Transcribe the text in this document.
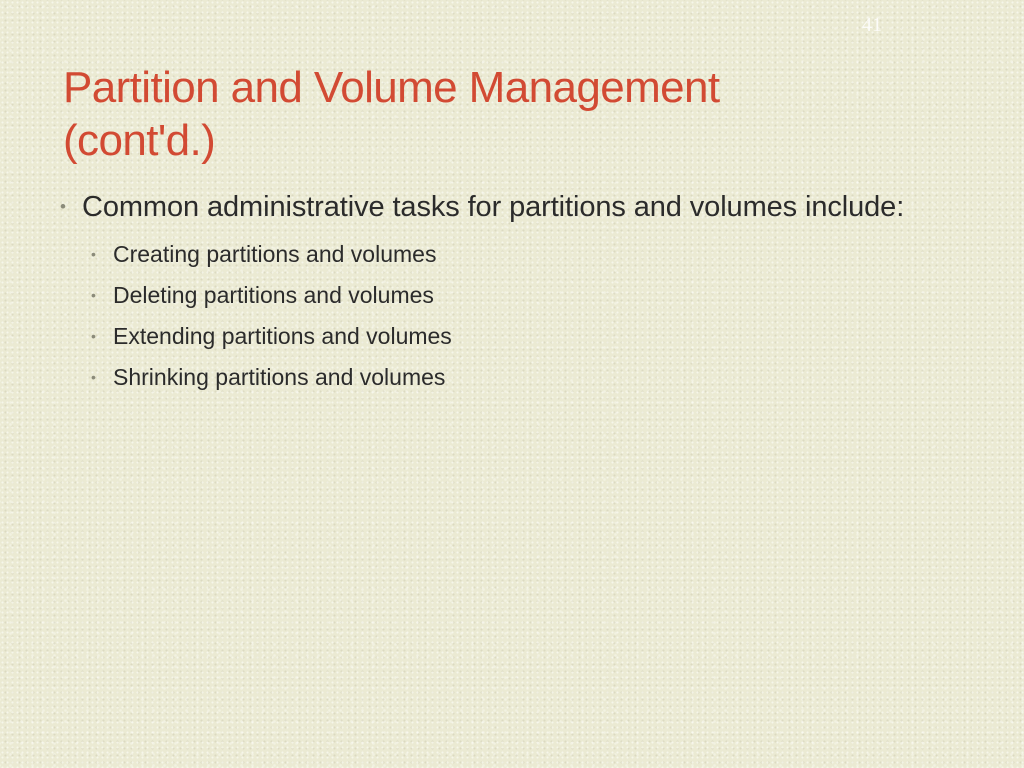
41
Partition and Volume Management
(cont'd.)
• Common administrative tasks for partitions and volumes include:
• Creating partitions and volumes
• Deleting partitions and volumes
• Extending partitions and volumes
• Shrinking partitions and volumes
